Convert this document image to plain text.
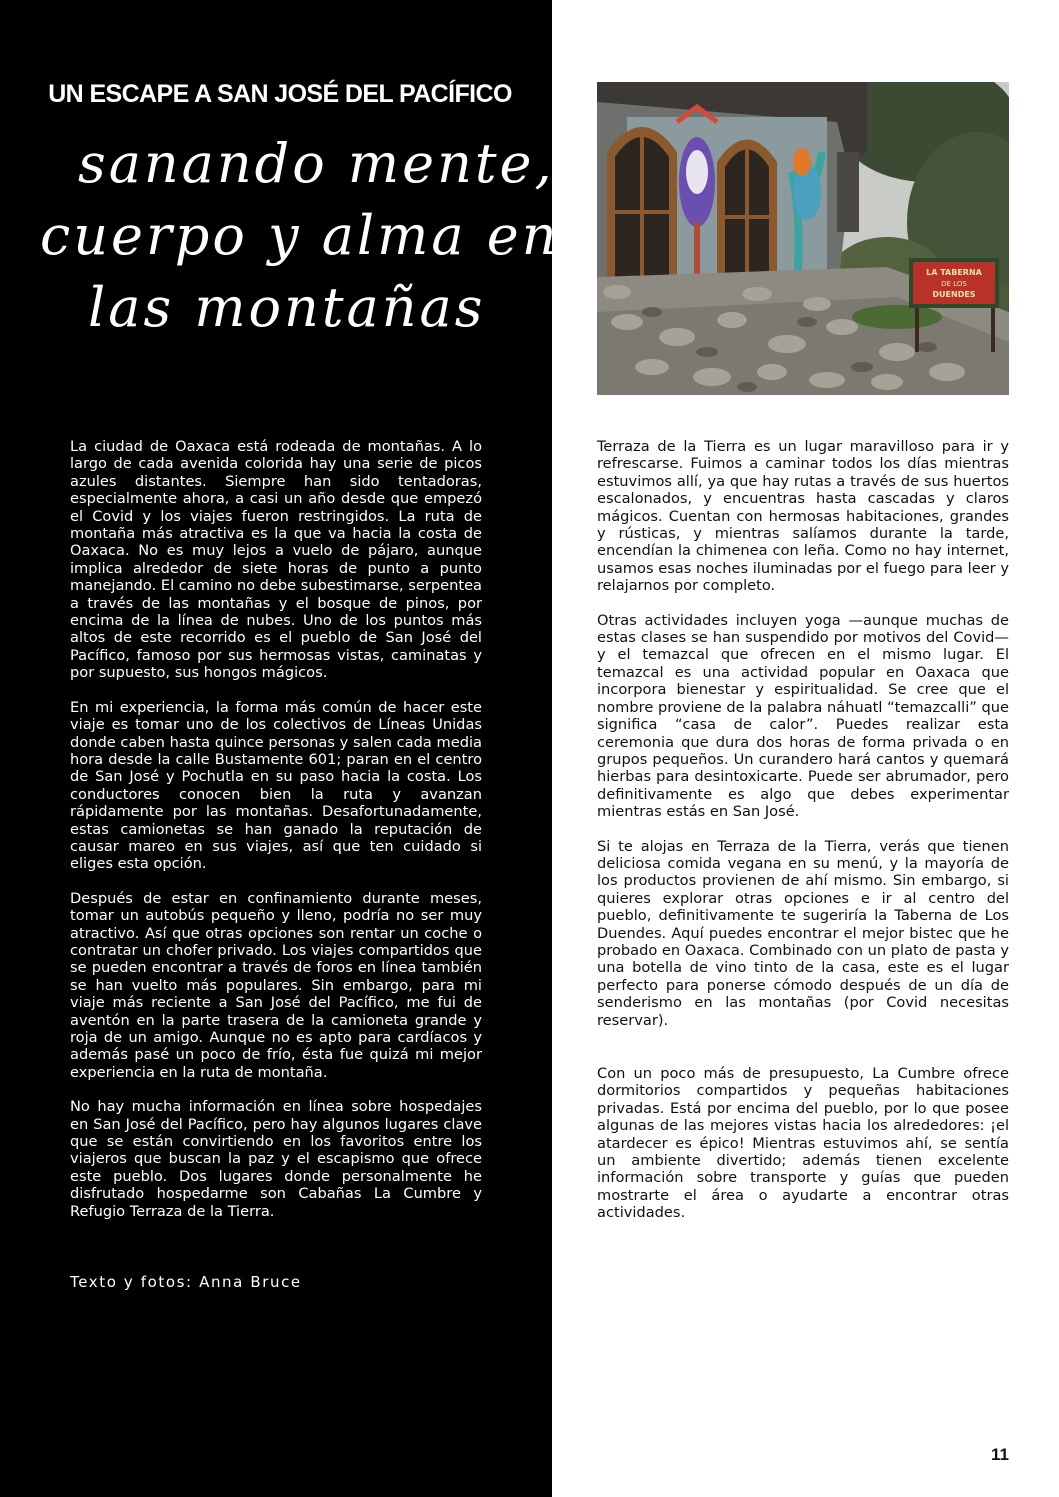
UN ESCAPE A SAN JOSÉ DEL PACÍFICO
sanando mente,
cuerpo y alma en
las montañas

La ciudad de Oaxaca está rodeada de montañas. A lo largo de cada avenida colorida hay una serie de picos azules distantes. Siempre han sido tentadoras, especialmente ahora, a casi un año desde que empezó el Covid y los viajes fueron restringidos. La ruta de montaña más atractiva es la que va hacia la costa de Oaxaca. No es muy lejos a vuelo de pájaro, aunque implica alrededor de siete horas de punto a punto manejando. El camino no debe subestimarse, serpentea a través de las montañas y el bosque de pinos, por encima de la línea de nubes. Uno de los puntos más altos de este recorrido es el pueblo de San José del Pacífico, famoso por sus hermosas vistas, caminatas y por supuesto, sus hongos mágicos.

En mi experiencia, la forma más común de hacer este viaje es tomar uno de los colectivos de Líneas Unidas donde caben hasta quince personas y salen cada media hora desde la calle Bustamente 601; paran en el centro de San José y Pochutla en su paso hacia la costa. Los conductores conocen bien la ruta y avanzan rápidamente por las montañas. Desafortunadamente, estas camionetas se han ganado la reputación de causar mareo en sus viajes, así que ten cuidado si eliges esta opción.

Después de estar en confinamiento durante meses, tomar un autobús pequeño y lleno, podría no ser muy atractivo. Así que otras opciones son rentar un coche o contratar un chofer privado. Los viajes compartidos que se pueden encontrar a través de foros en línea también se han vuelto más populares. Sin embargo, para mi viaje más reciente a San José del Pacífico, me fui de aventón en la parte trasera de la camioneta grande y roja de un amigo. Aunque no es apto para cardíacos y además pasé un poco de frío, ésta fue quizá mi mejor experiencia en la ruta de montaña.

No hay mucha información en línea sobre hospedajes en San José del Pacífico, pero hay algunos lugares clave que se están convirtiendo en los favoritos entre los viajeros que buscan la paz y el escapismo que ofrece este pueblo. Dos lugares donde personalmente he disfrutado hospedarme son Cabañas La Cumbre y Refugio Terraza de la Tierra.

Texto y fotos: Anna Bruce

LA TABERNA
DE LOS
DUENDES

Terraza de la Tierra es un lugar maravilloso para ir y refrescarse. Fuimos a caminar todos los días mientras estuvimos allí, ya que hay rutas a través de sus huertos escalonados, y encuentras hasta cascadas y claros mágicos. Cuentan con hermosas habitaciones, grandes y rústicas, y mientras salíamos durante la tarde, encendían la chimenea con leña. Como no hay internet, usamos esas noches iluminadas por el fuego para leer y relajarnos por completo.

Otras actividades incluyen yoga —aunque muchas de estas clases se han suspendido por motivos del Covid— y el temazcal que ofrecen en el mismo lugar. El temazcal es una actividad popular en Oaxaca que incorpora bienestar y espiritualidad. Se cree que el nombre proviene de la palabra náhuatl “temazcalli” que significa “casa de calor”. Puedes realizar esta ceremonia que dura dos horas de forma privada o en grupos pequeños. Un curandero hará cantos y quemará hierbas para desintoxicarte. Puede ser abrumador, pero definitivamente es algo que debes experimentar mientras estás en San José.

Si te alojas en Terraza de la Tierra, verás que tienen deliciosa comida vegana en su menú, y la mayoría de los productos provienen de ahí mismo. Sin embargo, si quieres explorar otras opciones e ir al centro del pueblo, definitivamente te sugeriría la Taberna de Los Duendes. Aquí puedes encontrar el mejor bistec que he probado en Oaxaca. Combinado con un plato de pasta y una botella de vino tinto de la casa, este es el lugar perfecto para ponerse cómodo después de un día de senderismo en las montañas (por Covid necesitas reservar).

Con un poco más de presupuesto, La Cumbre ofrece dormitorios compartidos y pequeñas habitaciones privadas. Está por encima del pueblo, por lo que posee algunas de las mejores vistas hacia los alrededores: ¡el atardecer es épico! Mientras estuvimos ahí, se sentía un ambiente divertido; además tienen excelente información sobre transporte y guías que pueden mostrarte el área o ayudarte a encontrar otras actividades.

11
